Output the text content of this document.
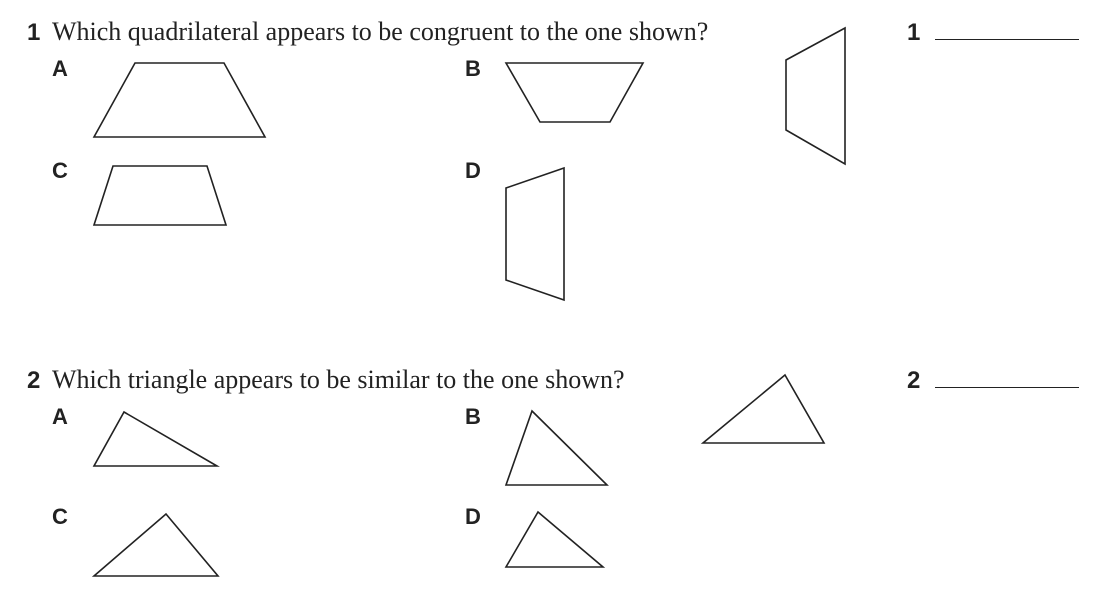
1 Which quadrilateral appears to be congruent to the one shown?
A	B
C	D
1
2 Which triangle appears to be similar to the one shown?
A	B
C	D
2
